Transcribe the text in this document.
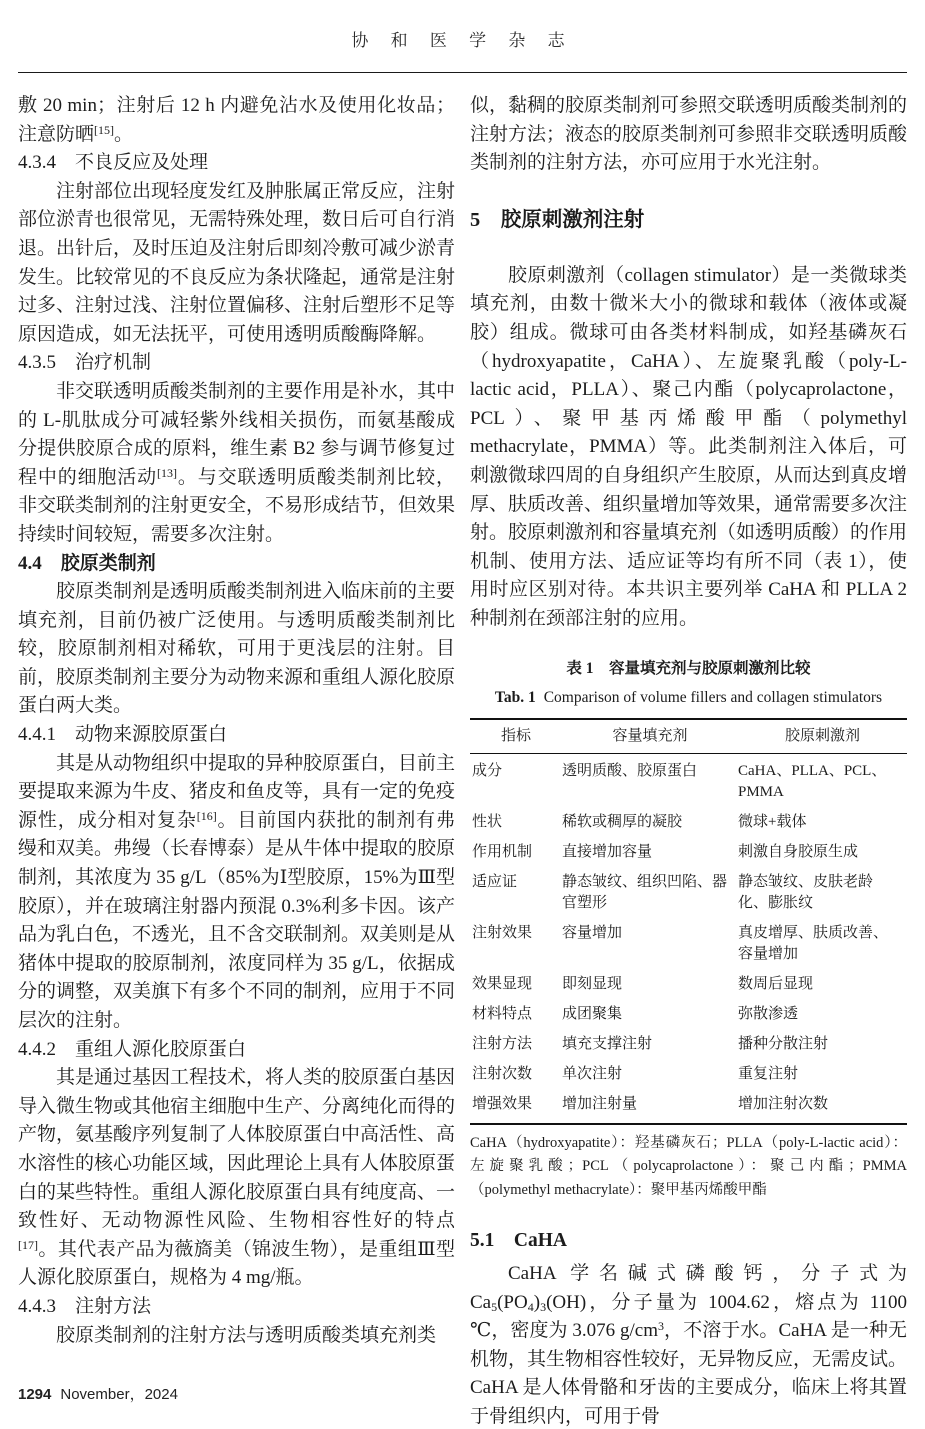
协 和 医 学 杂 志

敷 20 min；注射后 12 h 内避免沾水及使用化妆品；注意防晒[15]。

4.3.4　不良反应及处理

注射部位出现轻度发红及肿胀属正常反应，注射部位淤青也很常见，无需特殊处理，数日后可自行消退。出针后，及时压迫及注射后即刻冷敷可减少淤青发生。比较常见的不良反应为条状隆起，通常是注射过多、注射过浅、注射位置偏移、注射后塑形不足等原因造成，如无法抚平，可使用透明质酸酶降解。

4.3.5　治疗机制

非交联透明质酸类制剂的主要作用是补水，其中的 L-肌肽成分可减轻紫外线相关损伤，而氨基酸成分提供胶原合成的原料，维生素 B2 参与调节修复过程中的细胞活动[13]。与交联透明质酸类制剂比较，非交联类制剂的注射更安全，不易形成结节，但效果持续时间较短，需要多次注射。

4.4　胶原类制剂

胶原类制剂是透明质酸类制剂进入临床前的主要填充剂，目前仍被广泛使用。与透明质酸类制剂比较，胶原制剂相对稀软，可用于更浅层的注射。目前，胶原类制剂主要分为动物来源和重组人源化胶原蛋白两大类。

4.4.1　动物来源胶原蛋白

其是从动物组织中提取的异种胶原蛋白，目前主要提取来源为牛皮、猪皮和鱼皮等，具有一定的免疫源性，成分相对复杂[16]。目前国内获批的制剂有弗缦和双美。弗缦（长春博泰）是从牛体中提取的胶原制剂，其浓度为 35 g/L（85%为Ⅰ型胶原，15%为Ⅲ型胶原），并在玻璃注射器内预混 0.3%利多卡因。该产品为乳白色，不透光，且不含交联制剂。双美则是从猪体中提取的胶原制剂，浓度同样为 35 g/L，依据成分的调整，双美旗下有多个不同的制剂，应用于不同层次的注射。

4.4.2　重组人源化胶原蛋白

其是通过基因工程技术，将人类的胶原蛋白基因导入微生物或其他宿主细胞中生产、分离纯化而得的产物，氨基酸序列复制了人体胶原蛋白中高活性、高水溶性的核心功能区域，因此理论上具有人体胶原蛋白的某些特性。重组人源化胶原蛋白具有纯度高、一致性好、无动物源性风险、生物相容性好的特点[17]。其代表产品为薇旖美（锦波生物），是重组Ⅲ型人源化胶原蛋白，规格为 4 mg/瓶。

4.4.3　注射方法

胶原类制剂的注射方法与透明质酸类填充剂类

似，黏稠的胶原类制剂可参照交联透明质酸类制剂的注射方法；液态的胶原类制剂可参照非交联透明质酸类制剂的注射方法，亦可应用于水光注射。

5　胶原刺激剂注射

胶原刺激剂（collagen stimulator）是一类微球类填充剂，由数十微米大小的微球和载体（液体或凝胶）组成。微球可由各类材料制成，如羟基磷灰石（hydroxyapatite，CaHA）、左旋聚乳酸（poly-L-lactic acid，PLLA）、聚己内酯（polycaprolactone，PCL）、聚甲基丙烯酸甲酯（polymethyl methacrylate，PMMA）等。此类制剂注入体后，可刺激微球四周的自身组织产生胶原，从而达到真皮增厚、肤质改善、组织量增加等效果，通常需要多次注射。胶原刺激剂和容量填充剂（如透明质酸）的作用机制、使用方法、适应证等均有所不同（表 1），使用时应区别对待。本共识主要列举 CaHA 和 PLLA 2 种制剂在颈部注射的应用。

表 1　容量填充剂与胶原刺激剂比较
Tab. 1 Comparison of volume fillers and collagen stimulators
指标	容量填充剂	胶原刺激剂
成分	透明质酸、胶原蛋白	CaHA、PLLA、PCL、PMMA
性状	稀软或稠厚的凝胶	微球+载体
作用机制	直接增加容量	刺激自身胶原生成
适应证	静态皱纹、组织凹陷、器官塑形	静态皱纹、皮肤老龄化、膨胀纹
注射效果	容量增加	真皮增厚、肤质改善、容量增加
效果显现	即刻显现	数周后显现
材料特点	成团聚集	弥散渗透
注射方法	填充支撑注射	播种分散注射
注射次数	单次注射	重复注射
增强效果	增加注射量	增加注射次数
CaHA（hydroxyapatite）：羟基磷灰石；PLLA（poly-L-lactic acid）：左旋聚乳酸；PCL（polycaprolactone）：聚己内酯；PMMA（polymethyl methacrylate）：聚甲基丙烯酸甲酯
5.1　CaHA

CaHA 学名碱式磷酸钙，分子式为 $Ca_5(PO_4)_3(OH)$，分子量为 1004.62，熔点为 1100 ℃，密度为 3.076 $g/cm^3$，不溶于水。CaHA 是一种无机物，其生物相容性较好，无异物反应，无需皮试。CaHA 是人体骨骼和牙齿的主要成分，临床上将其置于骨组织内，可用于骨

1294 November，2024
